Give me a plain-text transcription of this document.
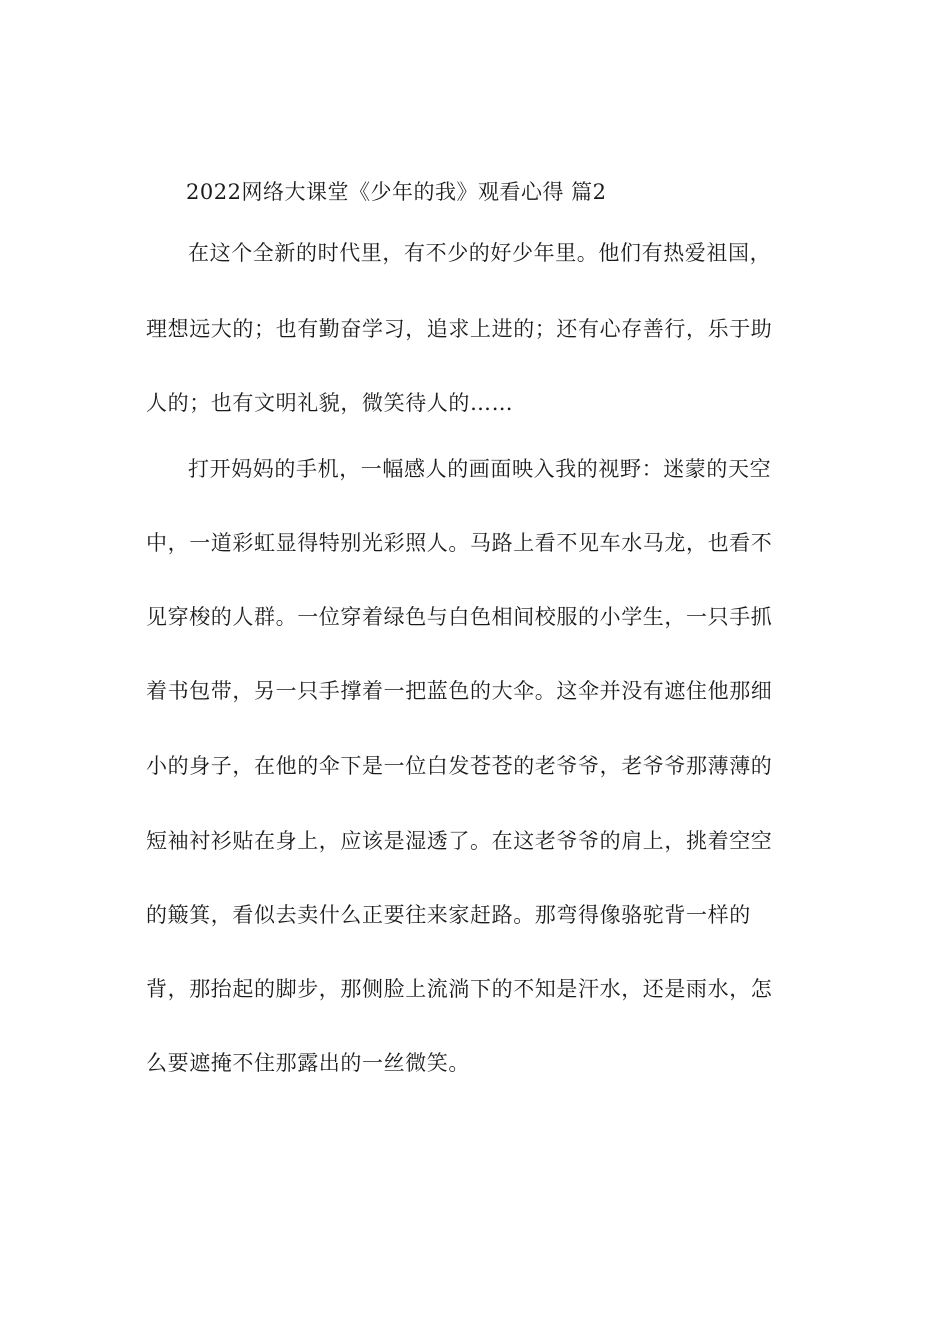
2022网络大课堂《少年的我》观看心得 篇2
在这个全新的时代里，有不少的好少年里。他们有热爱祖国，
理想远大的；也有勤奋学习，追求上进的；还有心存善行，乐于助
人的；也有文明礼貌，微笑待人的……
打开妈妈的手机，一幅感人的画面映入我的视野：迷蒙的天空
中，一道彩虹显得特别光彩照人。马路上看不见车水马龙，也看不
见穿梭的人群。一位穿着绿色与白色相间校服的小学生，一只手抓
着书包带，另一只手撑着一把蓝色的大伞。这伞并没有遮住他那细
小的身子，在他的伞下是一位白发苍苍的老爷爷，老爷爷那薄薄的
短袖衬衫贴在身上，应该是湿透了。在这老爷爷的肩上，挑着空空
的簸箕，看似去卖什么正要往来家赶路。那弯得像骆驼背一样的
背，那抬起的脚步，那侧脸上流淌下的不知是汗水，还是雨水，怎
么要遮掩不住那露出的一丝微笑。
